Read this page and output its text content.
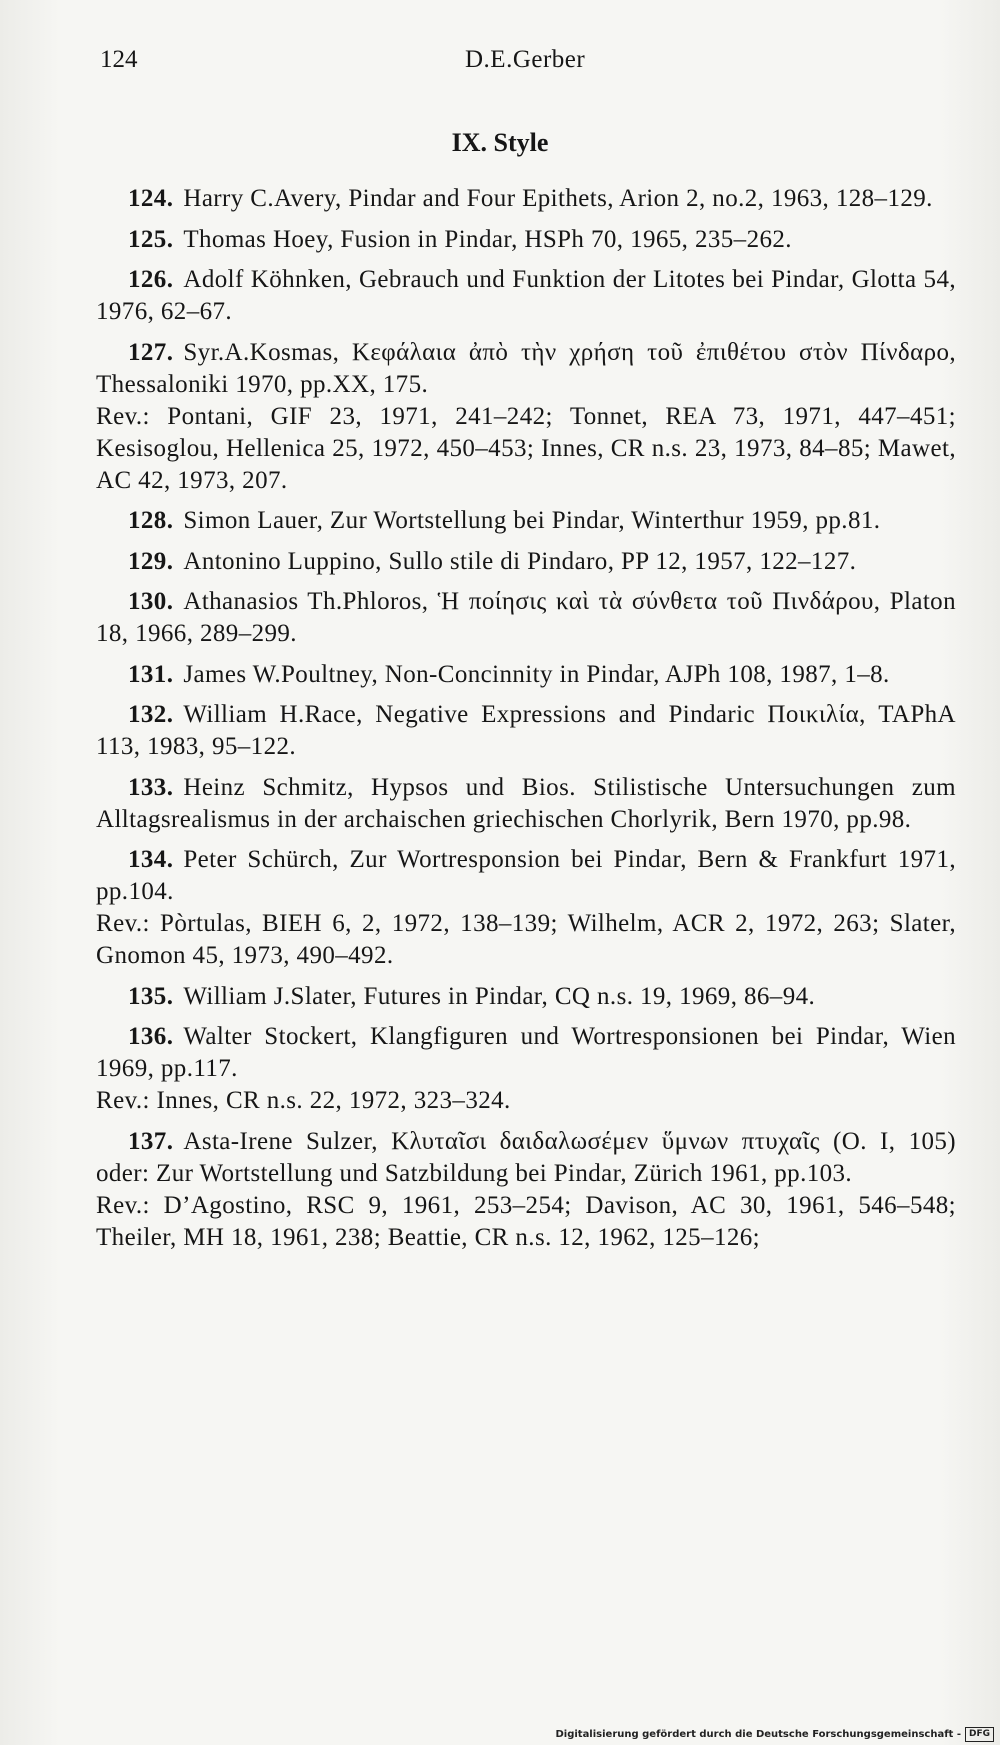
124	D.E.Gerber
IX. Style
124. Harry C.Avery, Pindar and Four Epithets, Arion 2, no.2, 1963, 128–129.
125. Thomas Hoey, Fusion in Pindar, HSPh 70, 1965, 235–262.
126. Adolf Köhnken, Gebrauch und Funktion der Litotes bei Pindar, Glotta 54, 1976, 62–67.
127. Syr.A.Kosmas, Κεφάλαια ἀπὸ τὴν χρήση τοῦ ἐπιθέτου στὸν Πίνδαρο, Thessaloniki 1970, pp.XX, 175.
Rev.: Pontani, GIF 23, 1971, 241–242; Tonnet, REA 73, 1971, 447–451; Kesisoglou, Hellenica 25, 1972, 450–453; Innes, CR n.s. 23, 1973, 84–85; Mawet, AC 42, 1973, 207.
128. Simon Lauer, Zur Wortstellung bei Pindar, Winterthur 1959, pp.81.
129. Antonino Luppino, Sullo stile di Pindaro, PP 12, 1957, 122–127.
130. Athanasios Th.Phloros, Ἡ ποίησις καὶ τὰ σύνθετα τοῦ Πινδάρου, Platon 18, 1966, 289–299.
131. James W.Poultney, Non-Concinnity in Pindar, AJPh 108, 1987, 1–8.
132. William H.Race, Negative Expressions and Pindaric Ποικιλία, TAPhA 113, 1983, 95–122.
133. Heinz Schmitz, Hypsos und Bios. Stilistische Untersuchungen zum Alltagsrealismus in der archaischen griechischen Chorlyrik, Bern 1970, pp.98.
134. Peter Schürch, Zur Wortresponsion bei Pindar, Bern & Frankfurt 1971, pp.104.
Rev.: Pòrtulas, BIEH 6, 2, 1972, 138–139; Wilhelm, ACR 2, 1972, 263; Slater, Gnomon 45, 1973, 490–492.
135. William J.Slater, Futures in Pindar, CQ n.s. 19, 1969, 86–94.
136. Walter Stockert, Klangfiguren und Wortresponsionen bei Pindar, Wien 1969, pp.117.
Rev.: Innes, CR n.s. 22, 1972, 323–324.
137. Asta-Irene Sulzer, Κλυταῖσι δαιδαλωσέμεν ὕμνων πτυχαῖς (O. I, 105) oder: Zur Wortstellung und Satzbildung bei Pindar, Zürich 1961, pp.103.
Rev.: D’Agostino, RSC 9, 1961, 253–254; Davison, AC 30, 1961, 546–548; Theiler, MH 18, 1961, 238; Beattie, CR n.s. 12, 1962, 125–126;
Digitalisierung gefördert durch die Deutsche Forschungsgemeinschaft - DFG
